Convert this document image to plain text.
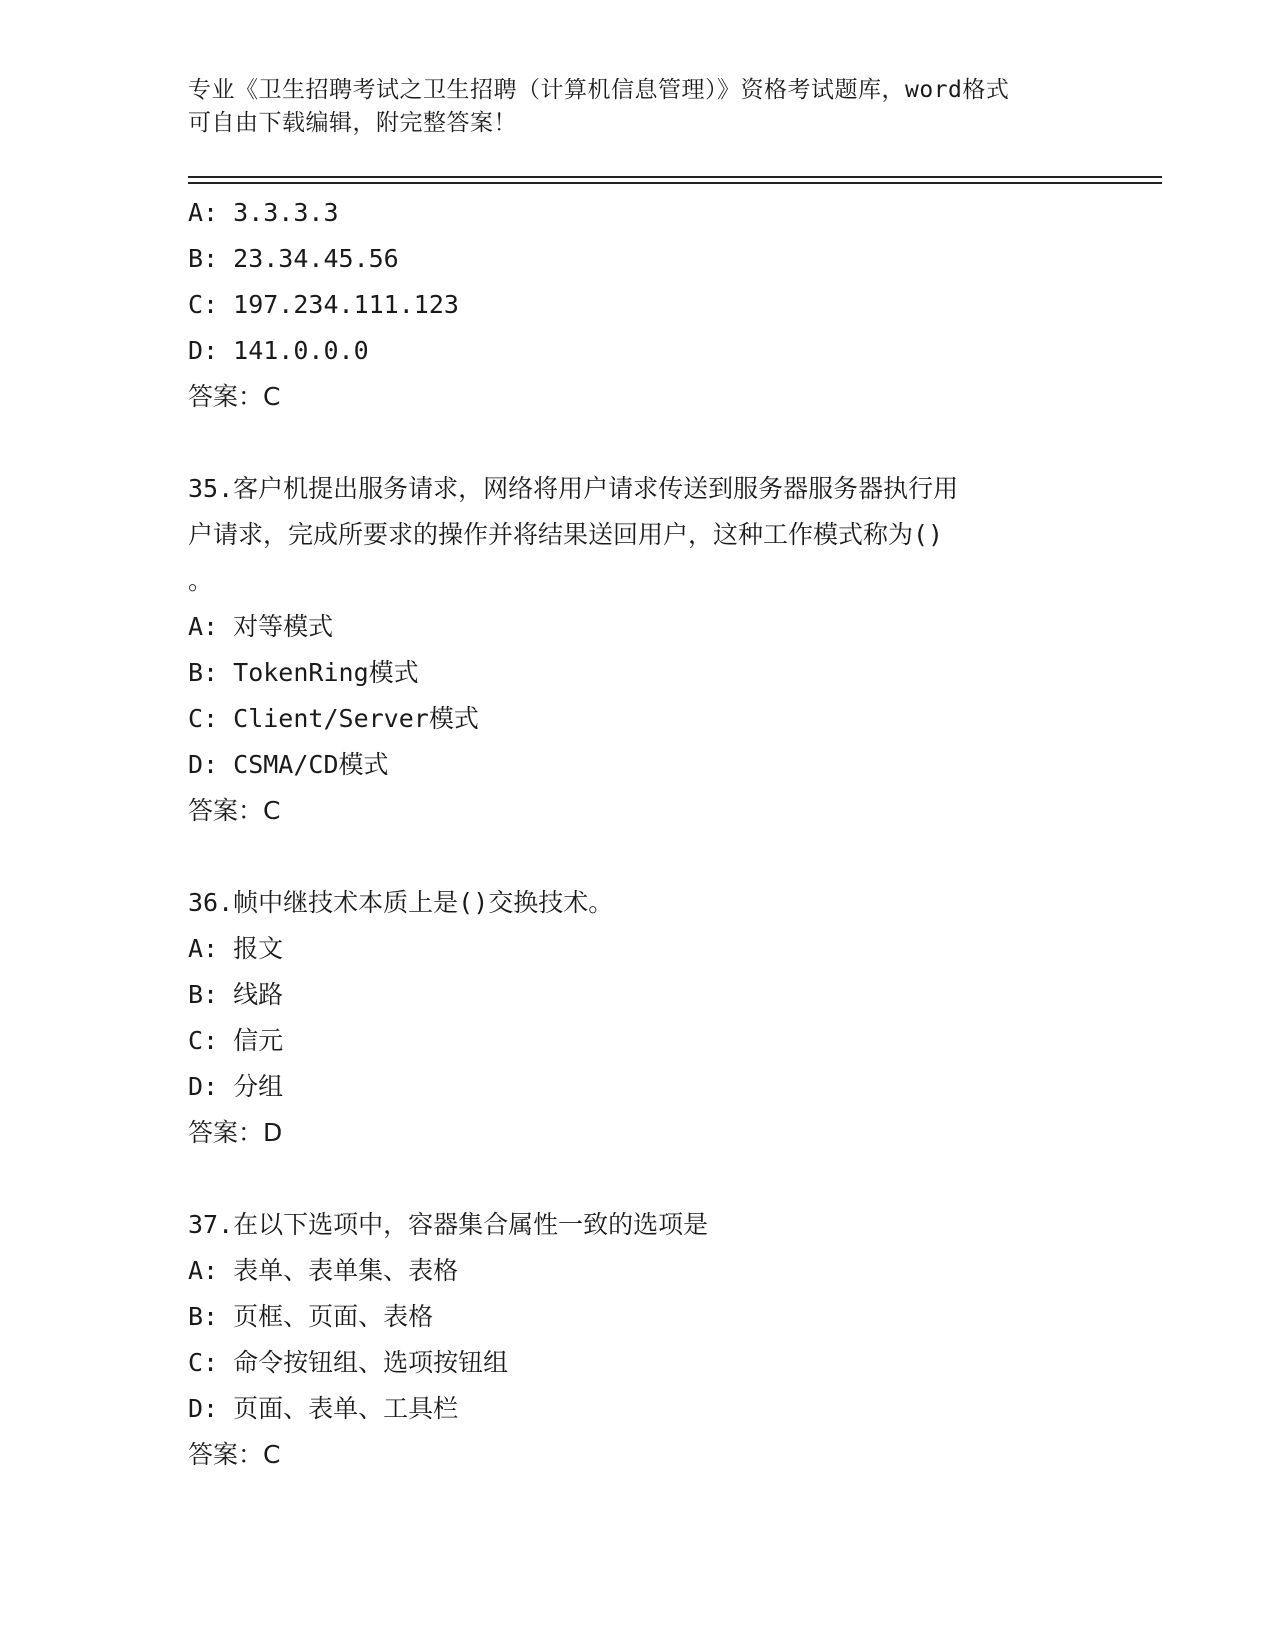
专业《卫生招聘考试之卫生招聘（计算机信息管理）》资格考试题库，word格式
可自由下载编辑，附完整答案！
A: 3.3.3.3
B: 23.34.45.56
C: 197.234.111.123
D: 141.0.0.0
答案：C
35.客户机提出服务请求，网络将用户请求传送到服务器服务器执行用
户请求，完成所要求的操作并将结果送回用户，这种工作模式称为()
。
A: 对等模式
B: TokenRing模式
C: Client/Server模式
D: CSMA/CD模式
答案：C
36.帧中继技术本质上是()交换技术。
A: 报文
B: 线路
C: 信元
D: 分组
答案：D
37.在以下选项中，容器集合属性一致的选项是
A: 表单、表单集、表格
B: 页框、页面、表格
C: 命令按钮组、选项按钮组
D: 页面、表单、工具栏
答案：C
